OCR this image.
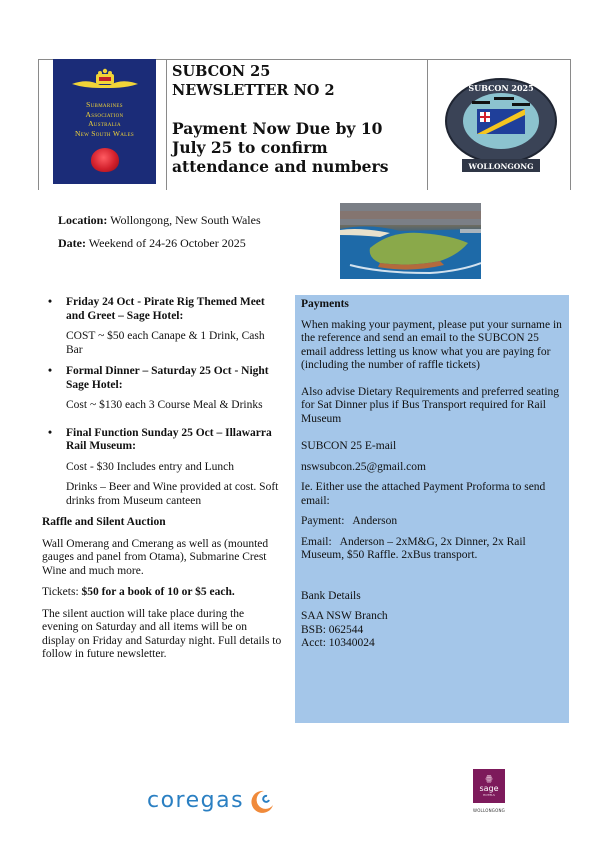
Submarines
Association
Australia
New South Wales
SUBCON 25
NEWSLETTER NO 2
Payment Now Due by 10
July 25 to confirm
attendance and numbers
SUBCON 2025
WOLLONGONG
Location: Wollongong, New South Wales
Date: Weekend of 24-26 October 2025
• Friday 24 Oct - Pirate Rig Themed Meet and Greet – Sage Hotel:
COST ~ $50 each Canape & 1 Drink, Cash Bar
• Formal Dinner – Saturday 25 Oct - Night Sage Hotel:
Cost ~ $130 each 3 Course Meal & Drinks
• Final Function Sunday 25 Oct – Illawarra Rail Museum:
Cost - $30 Includes entry and Lunch
Drinks – Beer and Wine provided at cost. Soft drinks from Museum canteen
Raffle and Silent Auction
Wall Omerang and Cmerang as well as (mounted gauges and panel from Otama), Submarine Crest Wine and much more.
Tickets: $50 for a book of 10 or $5 each.
The silent auction will take place during the evening on Saturday and all items will be on display on Friday and Saturday night. Full details to follow in future newsletter.
Payments

When making your payment, please put your surname in the reference and send an email to the SUBCON 25 email address letting us know what you are paying for (including the number of raffle tickets)

Also advise Dietary Requirements and preferred seating for Sat Dinner plus if Bus Transport required for Rail Museum

SUBCON 25 E-mail

nswsubcon.25@gmail.com

Ie. Either use the attached Payment Proforma to send email:

Payment:   Anderson

Email:   Anderson – 2xM&G, 2x Dinner, 2x Rail Museum, $50 Raffle. 2xBus transport.

Bank Details

SAA NSW Branch
BSB: 062544
Acct: 10340024

coregas
ꙮ
sage
HOTELS
WOLLONGONG
